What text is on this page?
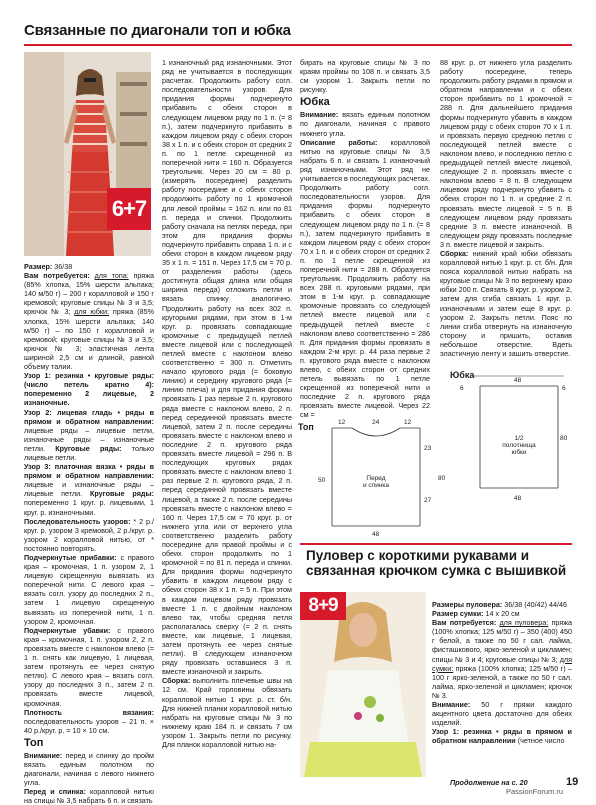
Связанные по диагонали топ и юбка
6+7

Размер: 36/38

Вам потребуется: для топа: пряжа (85% хлопка, 15% шерсти альпака; 140 м/50 г) – 200 г коралловой и 150 г кремовой; круговые спицы № 3 и 3,5; крючок № 3; для юбки: пряжа (85% хлопка, 15% шерсти альпака; 140 м/50 г) – по 150 г коралловой и кремовой; круговые спицы № 3 и 3,5; крючок № 3; эластичная лента шириной 2,5 см и длиной, равной объему талии.

Узор 1: резинка • круговые ряды: (число петель кратно 4): попеременно 2 лицевые, 2 изнаночные.

Узор 2: лицевая гладь • ряды в прямом и обратном направлении: лицевые ряды – лицевые петли, изнаночные ряды – изнаночные петли. Круговые ряды: только лицевые петли.

Узор 3: платочная вязка • ряды в прямом и обратном направлении: лицевые и изнаночные ряды – лицевые петли. Круговые ряды: попеременно 1 круг. р. лицевыми, 1 круг. р. изнаночными.

Последовательность узоров: * 2 р./круг. р. узором 3 кремовой, 2 р./круг. р. узором 2 коралловой нитью, от * постоянно повторять.

Подчеркнутые прибавки: с правого края – кромочная, 1 п. узором 2, 1 лицевую скрещенную вывязать из поперечной нити. С левого края – вязать согл. узору до последних 2 п., затем 1 лицевую скрещенную вывязать из поперечной нити, 1 п. узором 2, кромочная.

Подчеркнутые убавки: с правого края – кромочная, 1 п. узором 2, 2 п. провязать вместе с наклоном влево (= 1 п. снять как лицевую, 1 лицевая, затем протянуть ее через снятую петлю). С левого края – вязать согл. узору до последних 3 п., затем 2 п. провязать вместе лицевой, кромочная.

Плотность вязания: последовательность узоров – 21 п. × 40 р./круг. р. = 10 × 10 см.

Топ

Внимание: перед и спинку до пройм вязать единым полотном по диагонали, начиная с левого нижнего угла.

Перед и спинка: коралловой нитью на спицы № 3,5 набрать 6 п. и связать

1 изнаночный ряд изнаночными. Этот ряд не учитывается в последующих расчетах. Продолжить работу согл. последовательности узоров. Для придания формы подчеркнуто прибавить с обеих сторон в следующем лицевом ряду по 1 п. (= 8 п.), затем подчеркнуто прибавить в каждом лицевом ряду с обеих сторон 38 х 1 п. и с обеих сторон от средних 2 п. по 1 петле скрещенной из поперечной нити = 160 п. Образуется треугольник. Через 20 см = 80 р. (измерять посередине) разделить работу посередине и с обеих сторон продолжить работу по 1 кромочной для левой проймы = 162 п. или по 81 п. переда и спинки. Продолжить работу сначала на петлях переда, при этом для придания формы подчеркнуто прибавить справа 1 п. и с обеих сторон в каждом лицевом ряду 35 х 1 п. = 151 п. Через 17,5 см = 70 р. от разделения работы (здесь достигнута общая длина или общая ширина переда) отложить петли и вязать спинку аналогично. Продолжить работу на всех 302 п. кругорыми рядами, при этом в 1-м круг. р. провязать совпадающие кромочные с предыдущей петлей вместе лицевой или с последующей петлей вместе с наклоном влево соответственно = 300 п. Отметить начало кругового ряда (= боковую линию) и середину кругового ряда (= линию плеча) и для придания формы провязать 1 раз первые 2 п. кругового ряда вместе с наклоном влево, 2 п. перед серединной провязать вместе лицевой, затем 2 п. после середины провязать вместе с наклоном влево и последние 2 п. кругового ряда провязать вместе лицевой = 296 п. В последующих круговых рядах провязать вместе с наклоном влево 1 раз первые 2 п. кругового ряда, 2 п. перед серединной провязать вместе лицевой, а также 2 п. после середины провязать вместе с наклоном влево = 160 п. Через 17,5 см = 70 круг. р. от нижнего угла или от верхнего угла соответственно разделить работу посередине для правой проймы и с обеих сторон продолжить по 1 кромочной = по 81 п. переда и спинки. Для придания формы подчеркнуто убавить в каждом лицевом ряду с обеих сторон 38 х 1 п. = 5 п. При этом в каждом лицевом ряду провязать вместе 1 п. с двойным наклоном влево так, чтобы средняя петля располагалась сверху (= 2 п. снять вместе, как лицевые, 1 лицевая, затем протянуть ее через снятые петли). В следующем изнаночном ряду провязать оставшиеся 3 п. вместе изнаночной и закрыть.

Сборка: выполнить плечевые швы на 12 см. Край горловины обвязать коралловой нитью 1 круг. р. ст. б/н. Для нижней планки коралловой нитью набрать на круговые спицы № 3 по нижнему краю 184 п. и связать 7 см узором 1. Закрыть петли по рисунку. Для планок коралловой нитью на-

бирать на круговые спицы № 3 по краям проймы по 108 п. и связать 3,5 см узором 1. Закрыть петли по рисунку.

Юбка

Внимание: вязать единым полотном по диагонали, начиная с правого нижнего угла.

Описание работы: коралловой нитью на круговые спицы № 3,5 набрать 6 п. и связать 1 изнаночный ряд изнаночными. Этот ряд не учитывается в последующих расчетах. Продолжить работу согл. последовательности узоров. Для придания формы подчеркнуто прибавить с обеих сторон в следующем лицевом ряду по 1 п. (= 8 п.), затем подчеркнуто прибавить в каждом лицевом ряду с обеих сторон 70 х 1 п. и с обеих сторон от средних 2 п. по 1 петле скрещенной из поперечной нити = 288 п. Образуется треугольник. Продолжить работу на всех 288 п. круговыми рядами, при этом в 1-м круг. р. совпадающие кромочные провязать со следующей петлей вместе лицевой или с предыдущей петлей вместе с наклоном влево соответственно = 286 п. Для придания формы провязать в каждом 2-м круг. р. 44 раза первые 2 п. кругового ряда вместе с наклоном влево, с обеих сторон от средних петель вывязать по 1 петле скрещенной из поперечной нити и последние 2 п. кругового ряда провязать вместе лицевой. Через 22 см =

88 круг. р. от нижнего угла разделить работу посередине, теперь продолжить работу рядами в прямом и обратном направлении и с обеих сторон прибавить по 1 кромочной = 288 п. Для дальнейшего придания формы подчеркнуто убавить в каждом лицевом ряду с обеих сторон 70 х 1 п. и провязать первую среднюю петлю с последующей петлей вместе с наклоном влево, и последнюю петлю с предыдущей петлей вместе лицевой, следующие 2 п. провязать вместе с наклоном влево = 8 п. В следующем лицевом ряду подчеркнуто убавить с обеих сторон по 1 п. и средние 2 п. провязать вместе лицевой = 5 п. В следующем лицевом ряду провязать средние 3 п. вместе изнаночной. В следующем ряду провязать последние 3 п. вместе лицевой и закрыть.

Сборка: нижний край юбки обвязать коралловой нитью 1 круг. р. ст. б/н. Для пояса коралловой нитью набрать на круговые спицы № 3 по верхнему краю юбки 200 п. Связать 8 круг. р. узором 2, затем для сгиба связать 1 круг. р. изнаночными и затем еще 8 круг. р. узором 2. Закрыть петли. Пояс по линии сгиба отвернуть на изнаночную сторону и пришить, оставив небольшое отверстие. Вдеть эластичную ленту и зашить отверстие.

Юбка
48
6	6
80
1/2 полотнища юбки
48
Топ	12	24	12
23
80
50
27
Перед и спинка
48
Пуловер с короткими рукавами и связанная крючком сумка с вышивкой
8+9	Размеры пуловера: 36/38 (40/42) 44/46

Размер сумки: 14 х 20 см

Вам потребуется: для пуловера: пряжа (100% хлопка; 125 м/50 г) – 350 (400) 450 г белой, а также по 50 г сал. лайма, фисташкового, ярко-зеленой и цикламен; спицы № 3 и 4; круговые спицы № 3; для сумки: пряжа (100% хлопка; 125 м/50 г) – 100 г ярко-зеленой, а также по 50 г сал. лайма, ярко-зеленой и цикламен; крючок № 3.

Внимание: 50 г пряжи каждого акцентного цвета достаточно для обеих изделий.

Узор 1: резинка • ряды в прямом и обратном направлении (четное число

Продолжение на с. 20	19
PassionForum.ru
